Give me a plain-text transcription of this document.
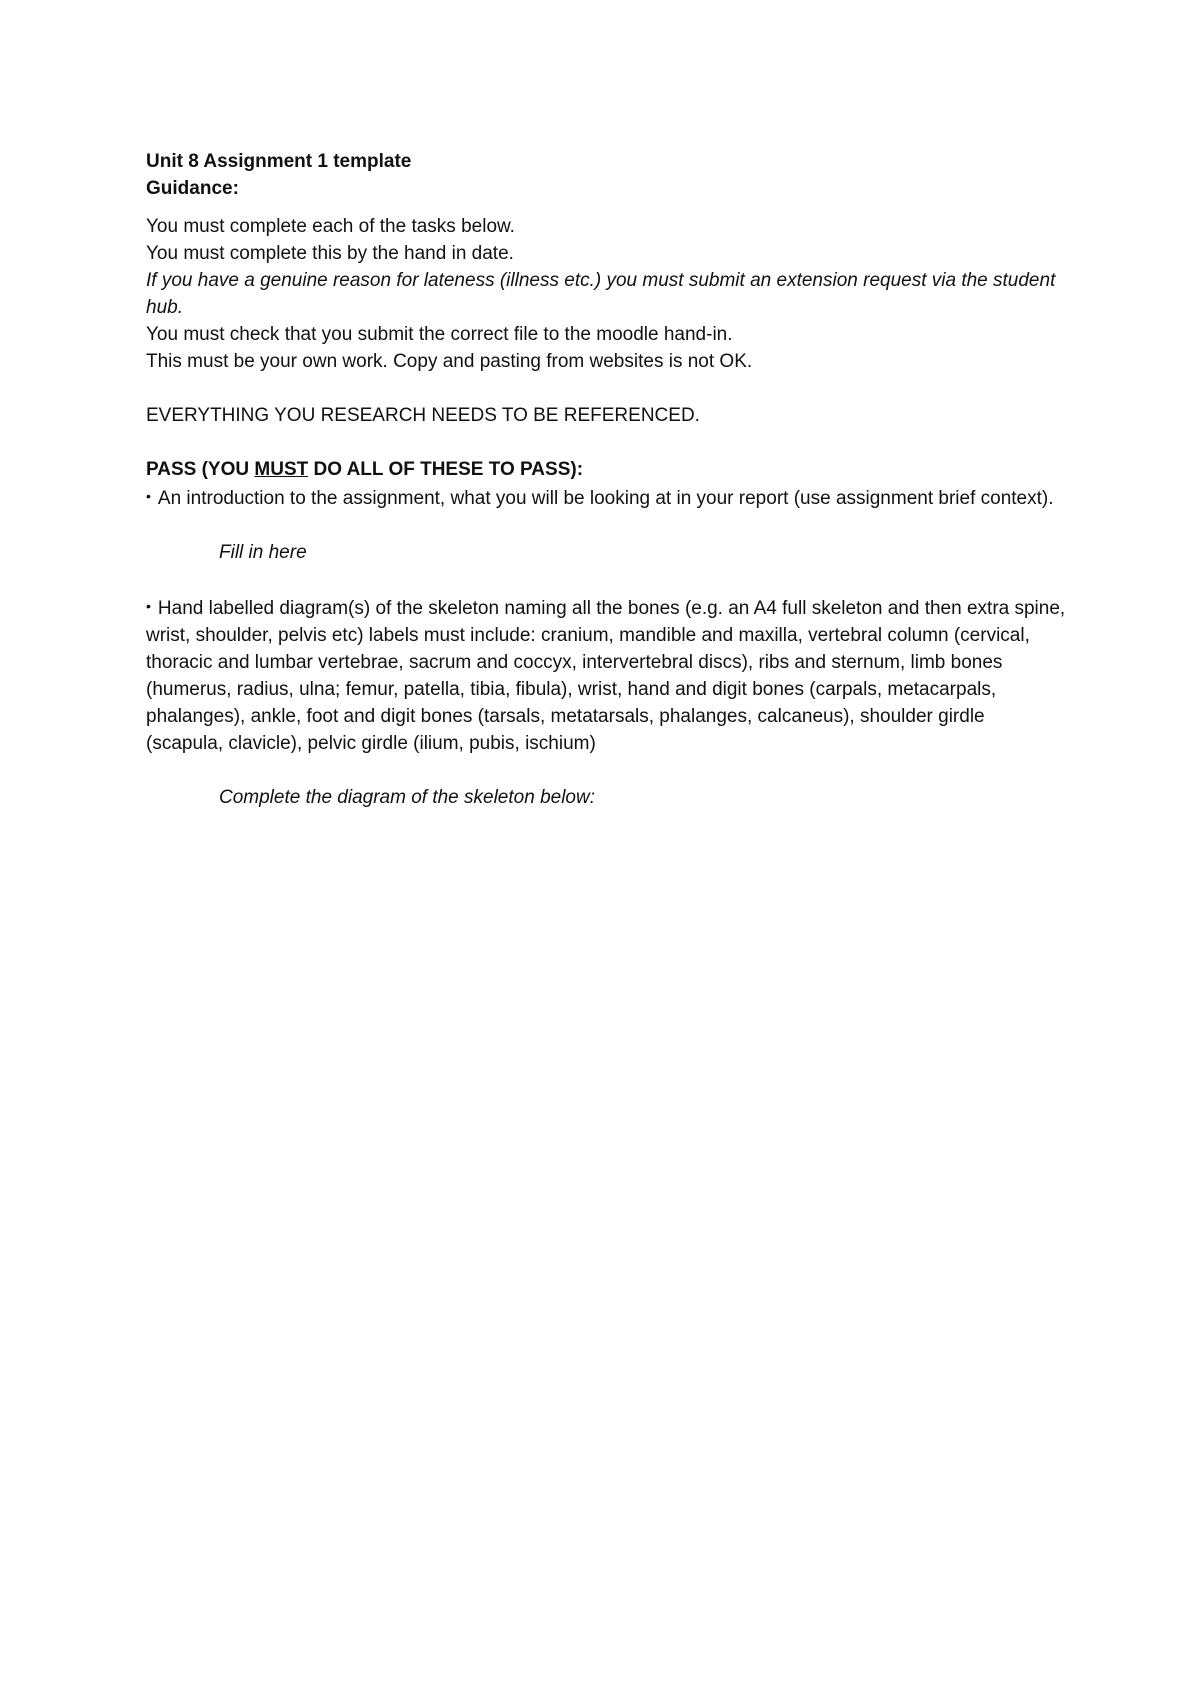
Unit 8 Assignment 1 template

Guidance:

You must complete each of the tasks below.

You must complete this by the hand in date.

If you have a genuine reason for lateness (illness etc.) you must submit an extension request via the student hub.

You must check that you submit the correct file to the moodle hand-in.

This must be your own work. Copy and pasting from websites is not OK.

EVERYTHING YOU RESEARCH NEEDS TO BE REFERENCED.

PASS (YOU MUST DO ALL OF THESE TO PASS):

• An introduction to the assignment, what you will be looking at in your report (use assignment brief context).

Fill in here

• Hand labelled diagram(s) of the skeleton naming all the bones (e.g. an A4 full skeleton and then extra spine, wrist, shoulder, pelvis etc) labels must include: cranium, mandible and maxilla, vertebral column (cervical, thoracic and lumbar vertebrae, sacrum and coccyx, intervertebral discs), ribs and sternum, limb bones (humerus, radius, ulna; femur, patella, tibia, fibula), wrist, hand and digit bones (carpals, metacarpals, phalanges), ankle, foot and digit bones (tarsals, metatarsals, phalanges, calcaneus), shoulder girdle (scapula, clavicle), pelvic girdle (ilium, pubis, ischium)

Complete the diagram of the skeleton below:
